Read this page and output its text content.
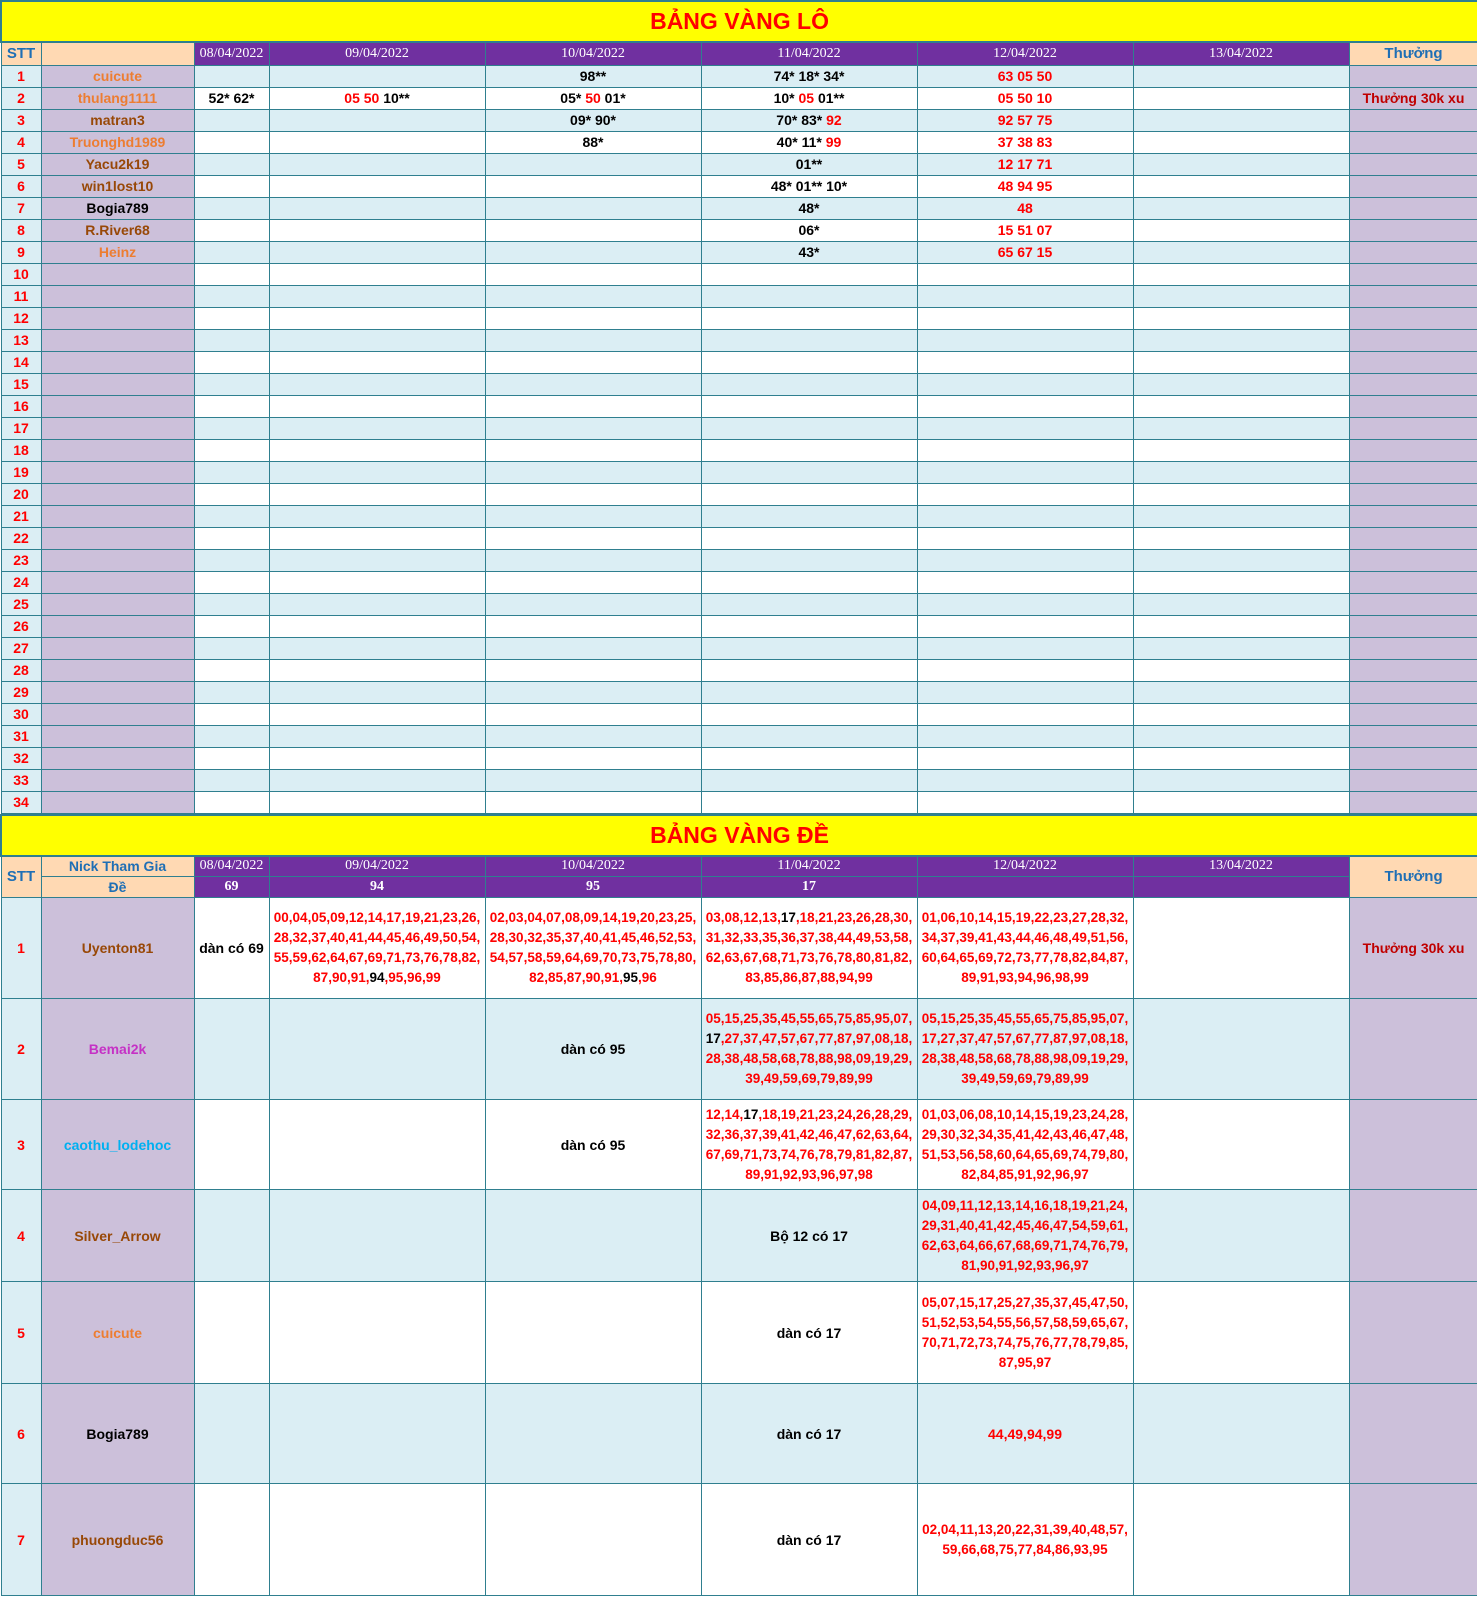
BẢNG VÀNG LÔ								
STT		08/04/2022	09/04/2022	10/04/2022	11/04/2022	12/04/2022	13/04/2022	Thưởng
1	cuicute			98**	74* 18* 34*	63 05 50		
2	thulang1111	52* 62*	05 50 10**	05* 50 01*	10* 05 01**	05 50 10		Thưởng 30k xu
3	matran3			09* 90*	70* 83* 92	92 57 75		
4	Truonghd1989			88*	40* 11* 99	37 38 83		
5	Yacu2k19				01**	12 17 71		
6	win1lost10				48* 01** 10*	48 94 95		
7	Bogia789				48*	48		
8	R.River68				06*	15 51 07		
9	Heinz				43*	65 67 15		
10								
11								
12								
13								
14								
15								
16								
17								
18								
19								
20								
21								
22								
23								
24								
25								
26								
27								
28								
29								
30								
31								
32								
33								
34								
BẢNG VÀNG ĐỀ								
STT	Nick Tham Gia	08/04/2022	09/04/2022	10/04/2022	11/04/2022	12/04/2022	13/04/2022	Thưởng
	Đề	69	94	95	17			
1	Uyenton81	dàn có 69	00,04,05,09,12,14,17,19,21,23,26,28,32,37,40,41,44,45,46,49,50,54,55,59,62,64,67,69,71,73,76,78,82,87,90,91,94,95,96,99	02,03,04,07,08,09,14,19,20,23,25,28,30,32,35,37,40,41,45,46,52,53,54,57,58,59,64,69,70,73,75,78,80,82,85,87,90,91,95,96	03,08,12,13,17,18,21,23,26,28,30,31,32,33,35,36,37,38,44,49,53,58,62,63,67,68,71,73,76,78,80,81,82,83,85,86,87,88,94,99	01,06,10,14,15,19,22,23,27,28,32,34,37,39,41,43,44,46,48,49,51,56,60,64,65,69,72,73,77,78,82,84,87,89,91,93,94,96,98,99		Thưởng 30k xu
2	Bemai2k			dàn có 95	05,15,25,35,45,55,65,75,85,95,07,17,27,37,47,57,67,77,87,97,08,18,28,38,48,58,68,78,88,98,09,19,29,39,49,59,69,79,89,99	05,15,25,35,45,55,65,75,85,95,07,17,27,37,47,57,67,77,87,97,08,18,28,38,48,58,68,78,88,98,09,19,29,39,49,59,69,79,89,99		
3	caothu_lodehoc			dàn có 95	12,14,17,18,19,21,23,24,26,28,29,32,36,37,39,41,42,46,47,62,63,64,67,69,71,73,74,76,78,79,81,82,87,89,91,92,93,96,97,98	01,03,06,08,10,14,15,19,23,24,28,29,30,32,34,35,41,42,43,46,47,48,51,53,56,58,60,64,65,69,74,79,80,82,84,85,91,92,96,97		
4	Silver_Arrow				Bộ 12 có 17	04,09,11,12,13,14,16,18,19,21,24,29,31,40,41,42,45,46,47,54,59,61,62,63,64,66,67,68,69,71,74,76,79,81,90,91,92,93,96,97		
5	cuicute				dàn có 17	05,07,15,17,25,27,35,37,45,47,50,51,52,53,54,55,56,57,58,59,65,67,70,71,72,73,74,75,76,77,78,79,85,87,95,97		
6	Bogia789				dàn có 17	44,49,94,99		
7	phuongduc56				dàn có 17	02,04,11,13,20,22,31,39,40,48,57,59,66,68,75,77,84,86,93,95		
